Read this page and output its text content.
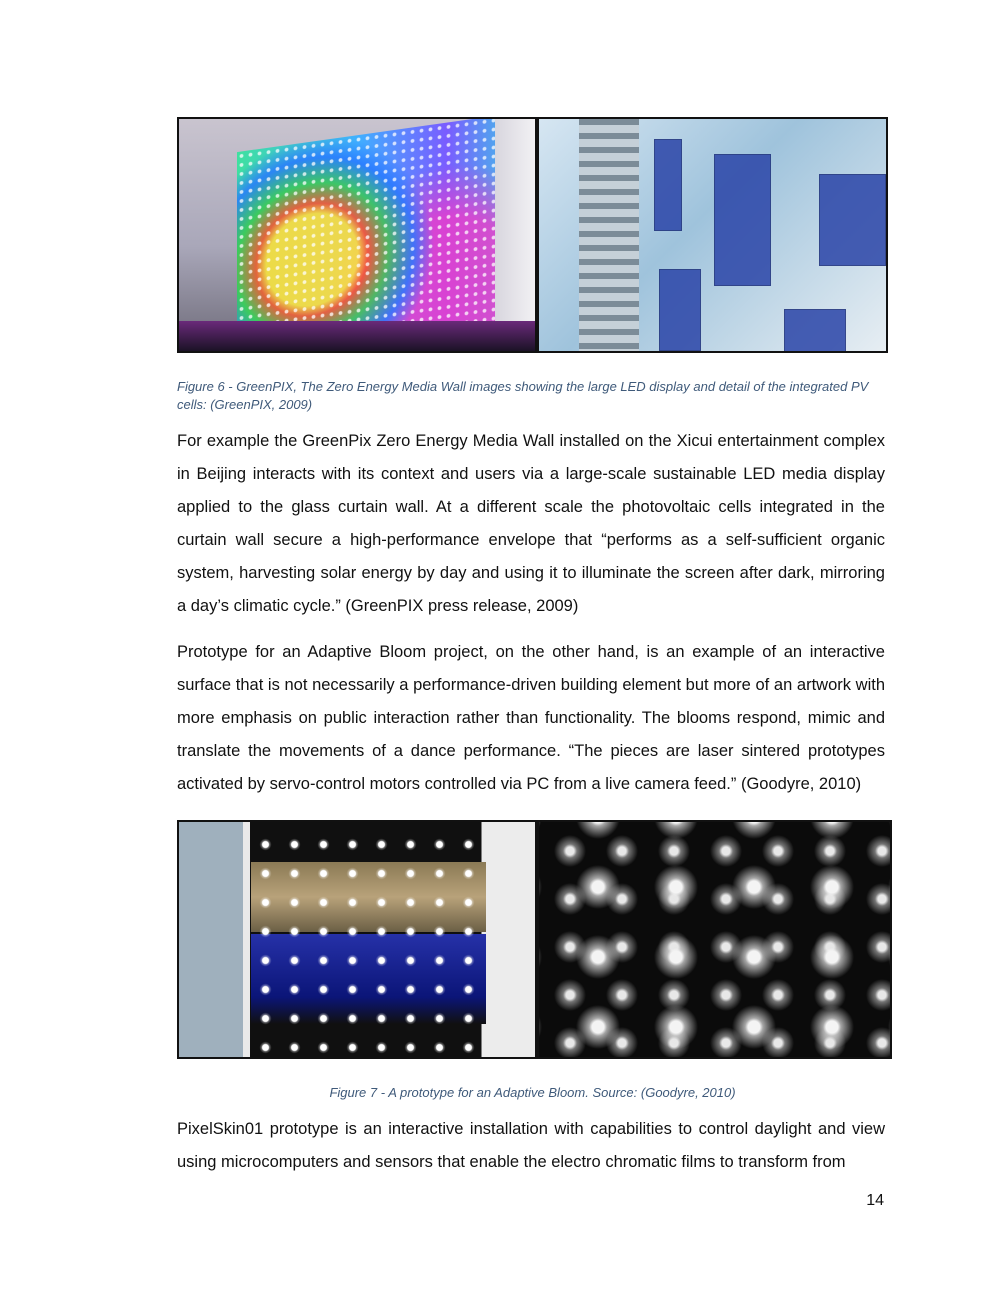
Figure 6 - GreenPIX, The Zero Energy Media Wall images showing the large LED display and detail of the integrated PV cells: (GreenPIX, 2009)

For example the GreenPix Zero Energy Media Wall installed on the Xicui entertainment complex in Beijing interacts with its context and users via a large-scale sustainable LED media display applied to the glass curtain wall. At a different scale the photovoltaic cells integrated in the curtain wall secure a high-performance envelope that “performs as a self-sufficient organic system, harvesting solar energy by day and using it to illuminate the screen after dark, mirroring a day’s climatic cycle.” (GreenPIX press release, 2009)

Prototype for an Adaptive Bloom project, on the other hand, is an example of an interactive surface that is not necessarily a performance-driven building element but more of an artwork with more emphasis on public interaction rather than functionality. The blooms respond, mimic and translate the movements of a dance performance. “The pieces are laser sintered prototypes activated by servo-control motors controlled via PC from a live camera feed.” (Goodyre, 2010)

Figure 7 - A prototype for an Adaptive Bloom. Source: (Goodyre, 2010)

PixelSkin01 prototype is an interactive installation with capabilities to control daylight and view using microcomputers and sensors that enable the electro chromatic films to transform from

14
